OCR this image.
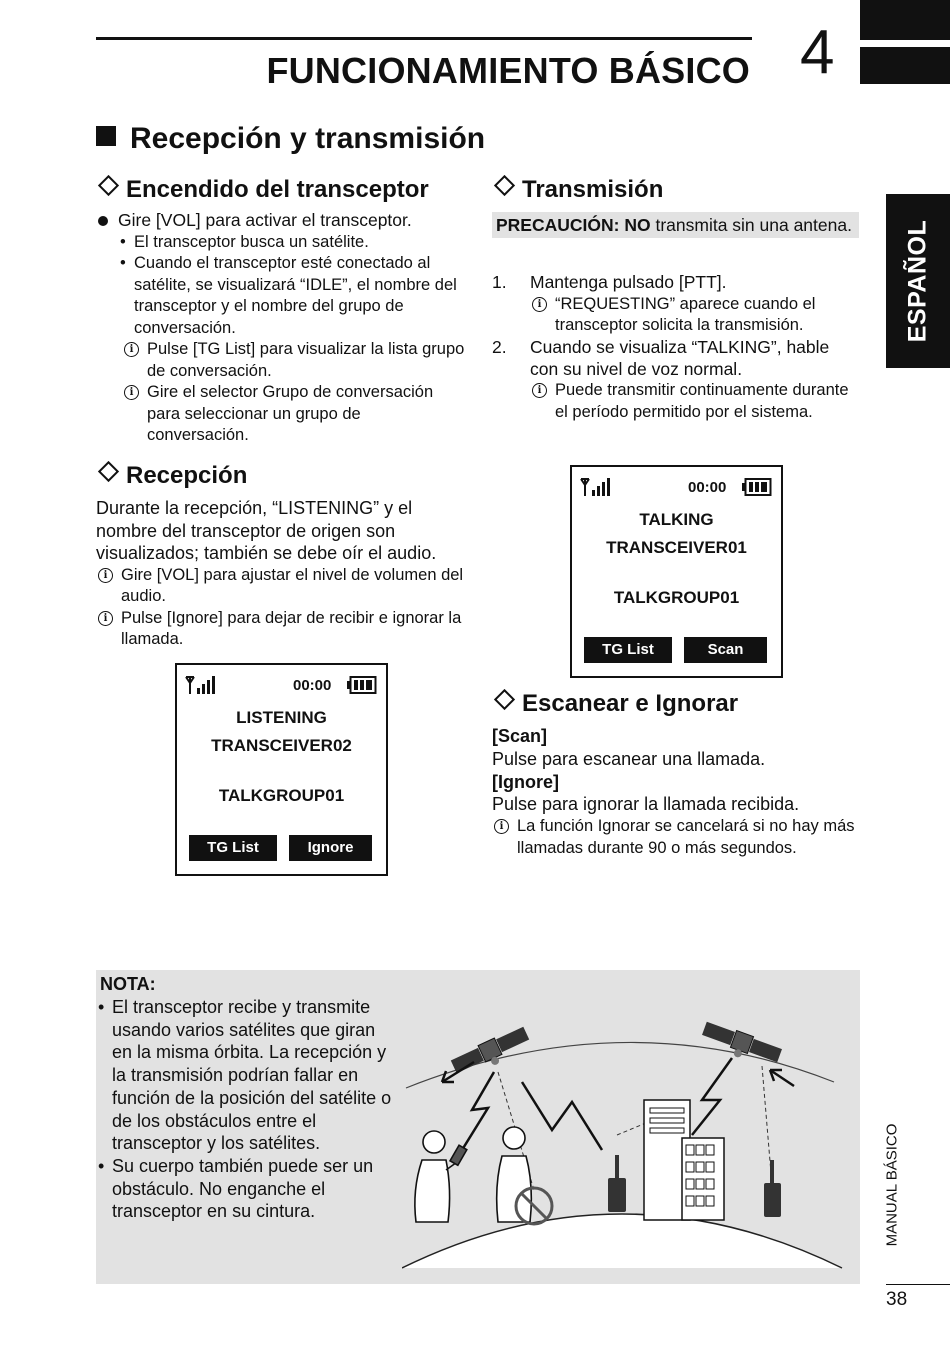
FUNCIONAMIENTO BÁSICO 4
Recepción y transmisión
Encendido del transceptor

Gire [VOL] para activar el transceptor.

• El transceptor busca un satélite.

• Cuando el transceptor esté conectado al satélite, se visualizará “IDLE”, el nombre del transceptor y el nombre del grupo de conversación.

i Pulse [TG List] para visualizar la lista grupo de conversación.

i Gire el selector Grupo de conversación para seleccionar un grupo de conversación.

Recepción

Durante la recepción, “LISTENING” y el nombre del transceptor de origen son visualizados; también se debe oír el audio.

i Gire [VOL] para ajustar el nivel de volumen del audio.

i Pulse [Ignore] para dejar de recibir e ignorar la llamada.

00:00
LISTENING
TRANSCEIVER02
TALKGROUP01
TG List	Ignore
Transmisión
PRECAUCIÓN: NO transmita sin una antena.
1. Mantenga pulsado [PTT].

i “REQUESTING” aparece cuando el transceptor solicita la transmisión.

2. Cuando se visualiza “TALKING”, hable con su nivel de voz normal.

i Puede transmitir continuamente durante el período permitido por el sistema.

00:00
TALKING
TRANSCEIVER01
TALKGROUP01
TG List	Scan
Escanear e Ignorar

[Scan]

Pulse para escanear una llamada.

[Ignore]

Pulse para ignorar la llamada recibida.

i La función Ignorar se cancelará si no hay más llamadas durante 90 o más segundos.

NOTA:

• El transceptor recibe y transmite usando varios satélites que giran en la misma órbita. La recepción y la transmisión podrían fallar en función de la posición del satélite o de los obstáculos entre el transceptor y los satélites.

• Su cuerpo también puede ser un obstáculo. No enganche el transceptor en su cintura.

ESPAÑOL
MANUAL BÁSICO
38
